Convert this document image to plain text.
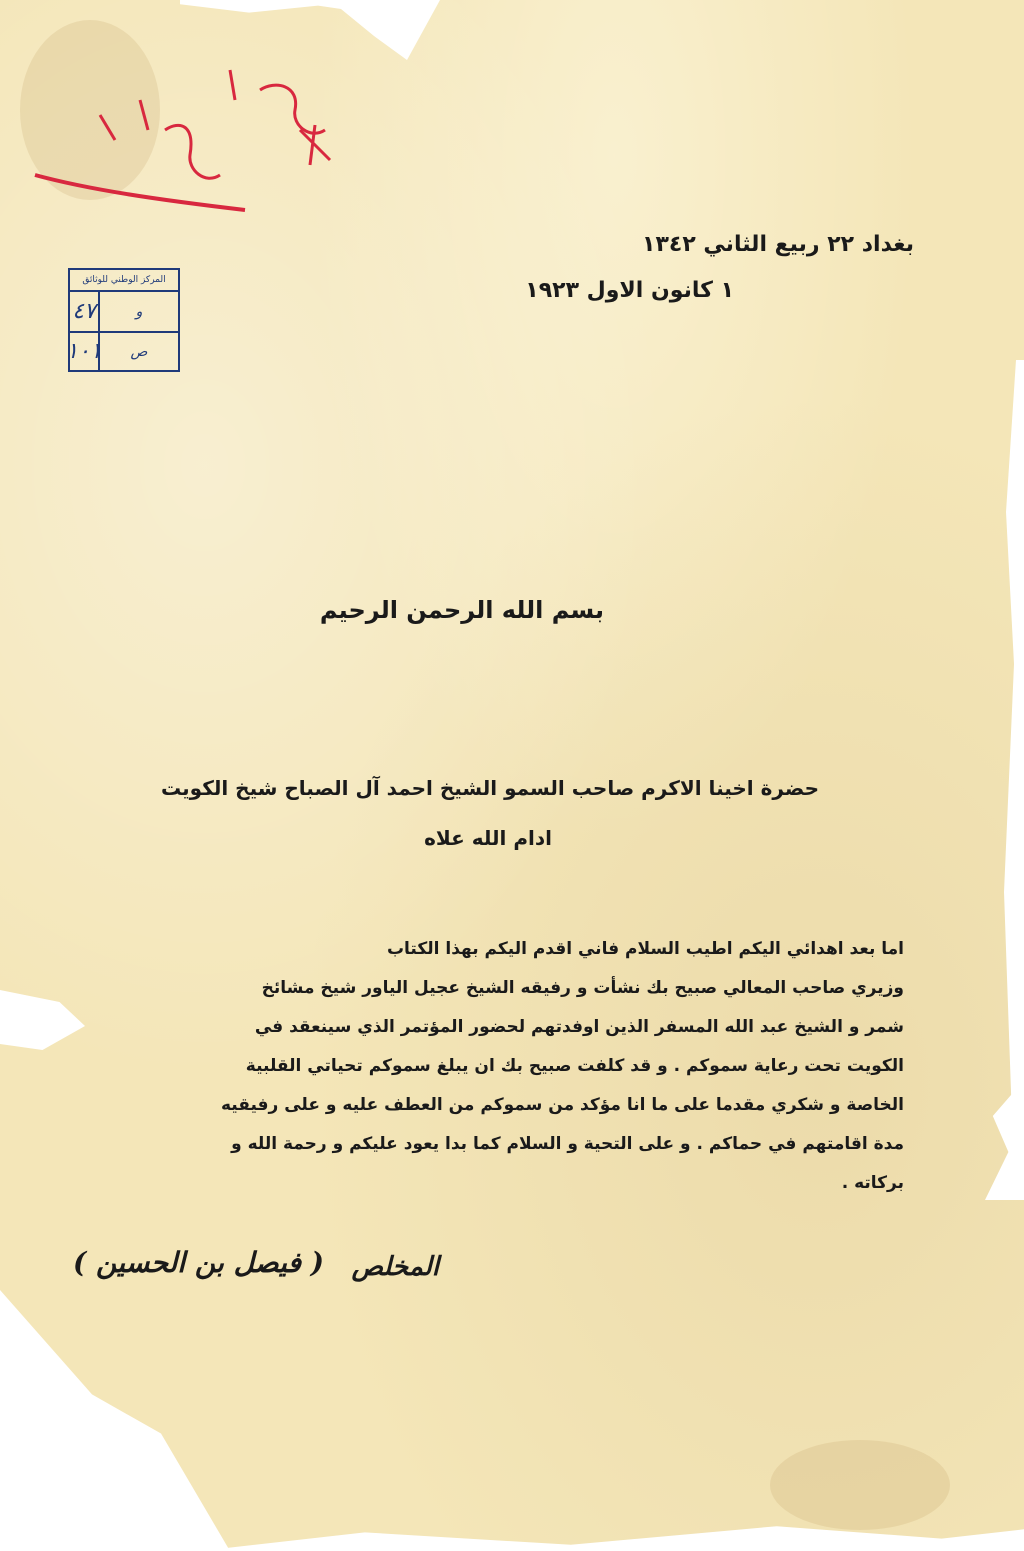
المركز الوطني للوثائق
و
٤٧
ص
١٠١
بغداد ٢٢ ربيع الثاني ١٣٤٢
١ كانون الاول ١٩٢٣
بسم الله الرحمن الرحيم
حضرة اخينا الاكرم صاحب السمو الشيخ احمد آل الصباح شيخ الكويت
ادام الله علاه
اما بعد اهدائي اليكم اطيب السلام فاني اقدم اليكم بهذا الكتاب
وزيري صاحب المعالي صبيح بك نشأت و رفيقه الشيخ عجيل الياور شيخ مشائخ
شمر و الشيخ عبد الله المسفر الذين اوفدتهم لحضور المؤتمر الذي سينعقد في
الكويت تحت رعاية سموكم . و قد كلفت صبيح بك ان يبلغ سموكم تحياتي القلبية
الخاصة و شكري مقدما على ما انا مؤكد من سموكم من العطف عليه و على رفيقيه
مدة اقامتهم في حماكم . و على التحية و السلام كما بدا يعود عليكم و رحمة الله و
بركاته .
المخلص
( فيصل بن الحسين )
